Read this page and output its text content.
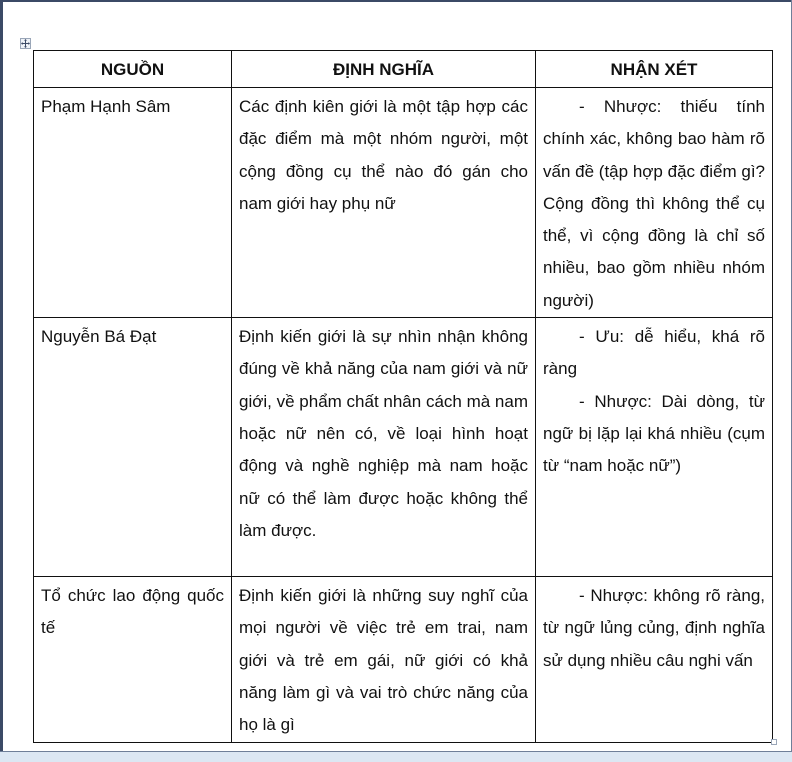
NGUỒN	ĐỊNH NGHĨA	NHẬN XÉT
Phạm Hạnh Sâm	Các định kiên giới là một tập hợp các đặc điểm mà một nhóm người, một cộng đồng cụ thể nào đó gán cho nam giới hay phụ nữ	- Nhược: thiếu tính chính xác, không bao hàm rõ vấn đề (tập hợp đặc điểm gì? Cộng đồng thì không thể cụ thể, vì cộng đồng là chỉ số nhiều, bao gồm nhiều nhóm người)

Nguyễn Bá Đạt	Định kiến giới là sự nhìn nhận không đúng về khả năng của nam giới và nữ giới, về phẩm chất nhân cách mà nam hoặc nữ nên có, về loại hình hoạt động và nghề nghiệp mà nam hoặc nữ có thể làm được hoặc không thể làm được.	- Ưu: dễ hiểu, khá rõ ràng
- Nhược: Dài dòng, từ ngữ bị lặp lại khá nhiều (cụm từ “nam hoặc nữ”)

Tổ chức lao động quốc tế	Định kiến giới là những suy nghĩ của mọi người về việc trẻ em trai, nam giới và trẻ em gái, nữ giới có khả năng làm gì và vai trò chức năng của họ là gì	- Nhược: không rõ ràng, từ ngữ lủng củng, định nghĩa sử dụng nhiều câu nghi vấn
